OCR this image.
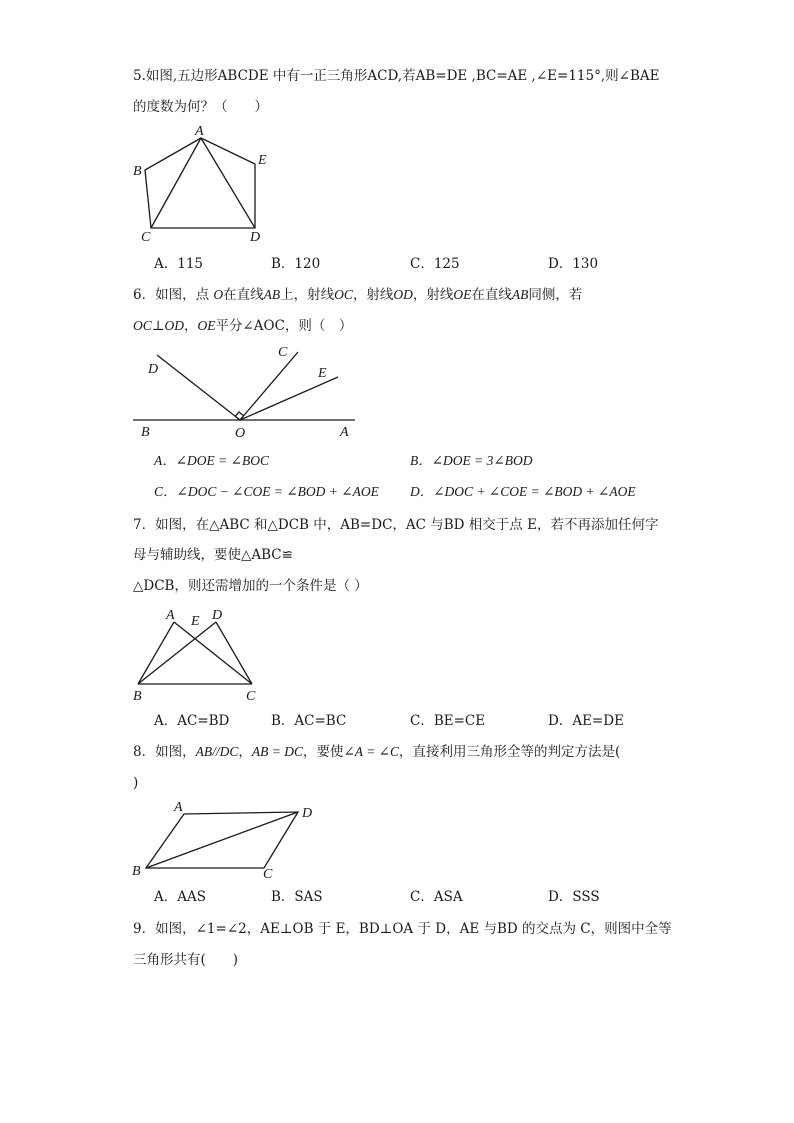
5.如图,五边形ABCDE 中有一正三角形ACD,若AB=DE ,BC=AE ,∠E=115°,则∠BAE
的度数为何？（　　）
A
B
C	D
E
A．115	B．120	C．125	D．130
6．如图，点 O在直线AB上，射线OC，射线OD，射线OE在直线AB同侧，若
OC⊥OD，OE平分∠AOC，则（　）
D
C
E
B	O	A
A．∠DOE = ∠BOC	B．∠DOE = 3∠BOD
C．∠DOC − ∠COE = ∠BOD + ∠AOE D．∠DOC + ∠COE = ∠BOD + ∠AOE
7．如图，在△ABC 和△DCB 中，AB=DC，AC 与BD 相交于点 E，若不再添加任何字
母与辅助线，要使△ABC≌
△DCB，则还需增加的一个条件是（ ）
A E D
B	C
A．AC=BD	B．AC=BC	C．BE=CE	D．AE=DE
8．如图，AB//DC，AB = DC，要使∠A = ∠C，直接利用三角形全等的判定方法是(
)
A	D
B	C
A．AAS	B．SAS	C．ASA	D．SSS
9．如图，∠1=∠2，AE⊥OB 于 E，BD⊥OA 于 D，AE 与BD 的交点为 C，则图中全等
三角形共有(　　)
